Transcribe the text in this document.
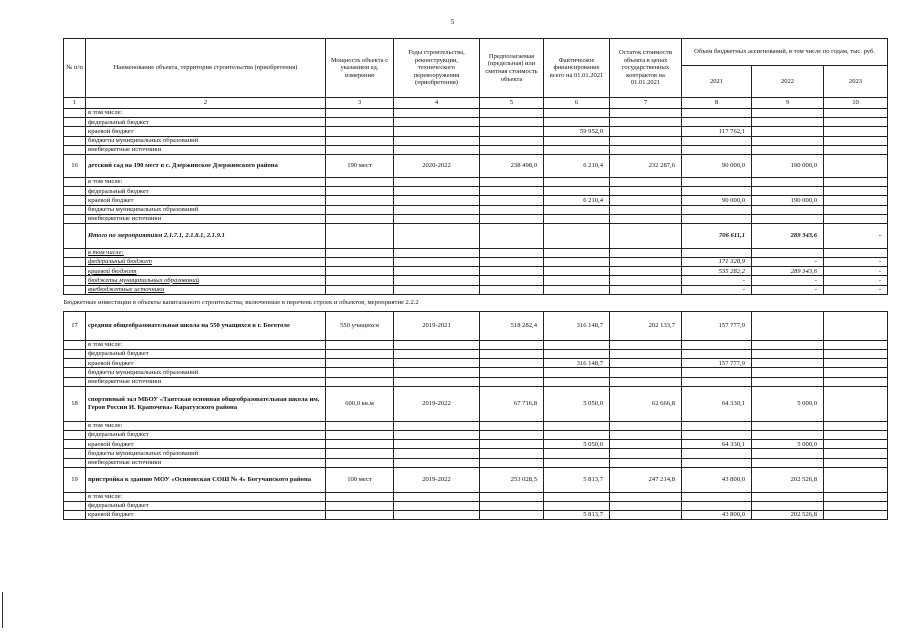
5
№ п/п	Наименование объекта, территория строительства (приобретения)	Мощность объекта с указанием ед. измерения	Годы строительства, реконструкции, технического перевооружения (приобретения)	Предполагаемая (предельная) или сметная стоимость объекта	Фактическое финансирование всего на 01.01.2021	Остаток стоимости объекта в ценах государственных контрактов на 01.01.2021	Объем бюджетных ассигнований, в том числе по годам, тыс. руб.		
							2021	2022	2023
1	2	3	4	5	6	7	8	9	10
	в том числе:								
	федеральный бюджет								
	краевой бюджет				59 952,0		117 762,1		
	бюджеты муниципальных образований								
	внебюджетные источники								
16	детский сад на 190 мест в с. Дзержинское Дзержинского района	190 мест	2020-2022	238 498,0	6 210,4	232 287,6	90 000,0	190 000,0	
	в том числе:								
	федеральный бюджет								
	краевой бюджет				6 210,4		90 000,0	190 000,0	
	бюджеты муниципальных образований								
	внебюджетные источники								
	Итого по мероприятиям 2.1.7.1, 2.1.8.1, 2.1.9.1						706 611,1	289 343,6	-
	в том числе:								
	федеральный бюджет						171 328,9	-	-
	краевой бюджет						535 282,2	289 343,6	-
	бюджеты муниципальных образований						-	-	-
	внебюджетные источники						-	-	-
Бюджетные инвестиции в объекты капитального строительства, включенные в перечень строек и объектов, мероприятие 2.2.2									
17	средняя общеобразовательная школа на 550 учащихся в г. Боготоле	550 учащихся	2019-2021	518 282,4	316 148,7	202 133,7	157 777,9		
	в том числе:								
	федеральный бюджет								
	краевой бюджет				316 148,7		157 777,9		
	бюджеты муниципальных образований								
	внебюджетные источники								
18	спортивный зал МБОУ «Таятская основная общеобразовательная школа им. Героя России И. Крапочева» Каратузского района	600,0 кв.м	2019-2022	67 716,8	5 050,0	62 666,8	64 330,1	5 000,0	
	в том числе:								
	федеральный бюджет								
	краевой бюджет				5 050,0		64 330,1	5 000,0	
	бюджеты муниципальных образований								
	внебюджетные источники								
19	пристройка к зданию МОУ «Осиновская СОШ № 4» Богучанского района	100 мест	2019-2022	253 028,5	5 813,7	247 214,8	43 800,0	202 526,8	
	в том числе:								
	федеральный бюджет								
	краевой бюджет				5 813,7		43 800,0	202 526,8	
